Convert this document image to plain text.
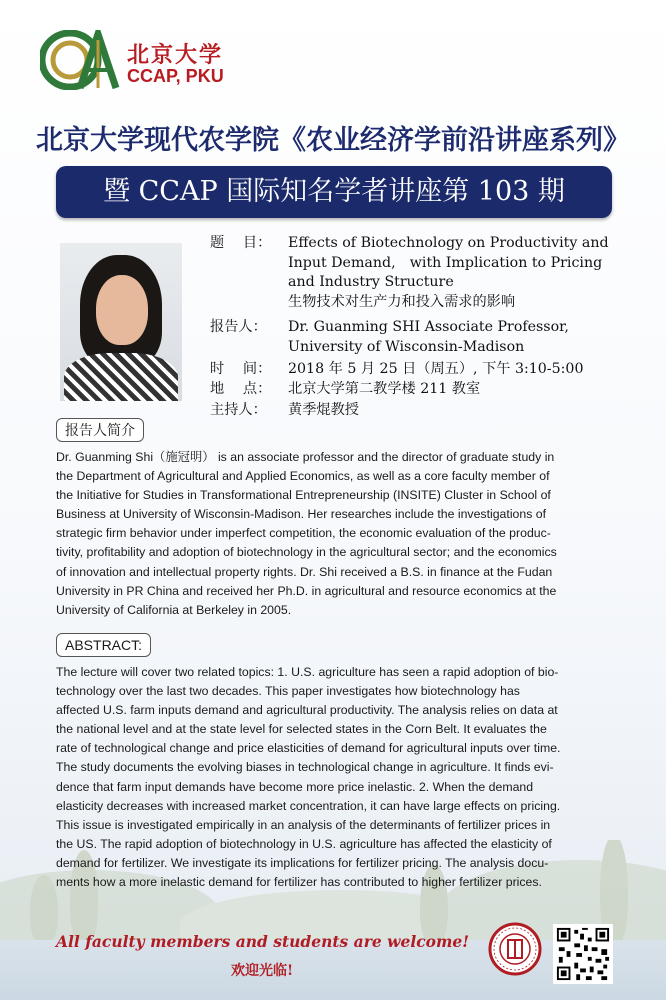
北京大学
CCAP, PKU
北京大学现代农学院《农业经济学前沿讲座系列》
暨 CCAP 国际知名学者讲座第 103 期
题　 目： Effects of Biotechnology on Productivity and
Input Demand,　with Implication to Pricing
and Industry Structure
生物技术对生产力和投入需求的影响
报告人： Dr. Guanming SHI Associate Professor,
University of Wisconsin-Madison
时　 间： 2018 年 5 月 25 日（周五）, 下午 3:10-5:00
地　 点： 北京大学第二教学楼 211 教室
主持人： 黄季焜教授
报告人简介
Dr. Guanming Shi（施冠明） is an associate professor and the director of graduate study in
the Department of Agricultural and Applied Economics, as well as a core faculty member of
the Initiative for Studies in Transformational Entrepreneurship (INSITE) Cluster in School of
Business at University of Wisconsin-Madison. Her researches include the investigations of
strategic firm behavior under imperfect competition, the economic evaluation of the produc-
tivity, profitability and adoption of biotechnology in the agricultural sector; and the economics
of innovation and intellectual property rights. Dr. Shi received a B.S. in finance at the Fudan
University in PR China and received her Ph.D. in agricultural and resource economics at the
University of California at Berkeley in 2005.
ABSTRACT:
The lecture will cover two related topics: 1. U.S. agriculture has seen a rapid adoption of bio-
technology over the last two decades. This paper investigates how biotechnology has
affected U.S. farm inputs demand and agricultural productivity. The analysis relies on data at
the national level and at the state level for selected states in the Corn Belt. It evaluates the
rate of technological change and price elasticities of demand for agricultural inputs over time.
The study documents the evolving biases in technological change in agriculture. It finds evi-
dence that farm input demands have become more price inelastic. 2. When the demand
elasticity decreases with increased market concentration, it can have large effects on pricing.
This issue is investigated empirically in an analysis of the determinants of fertilizer prices in
the US. The rapid adoption of biotechnology in U.S. agriculture has affected the elasticity of
demand for fertilizer. We investigate its implications for fertilizer pricing. The analysis docu-
ments how a more inelastic demand for fertilizer has contributed to higher fertilizer prices.
All faculty members and students are welcome!
欢迎光临!
